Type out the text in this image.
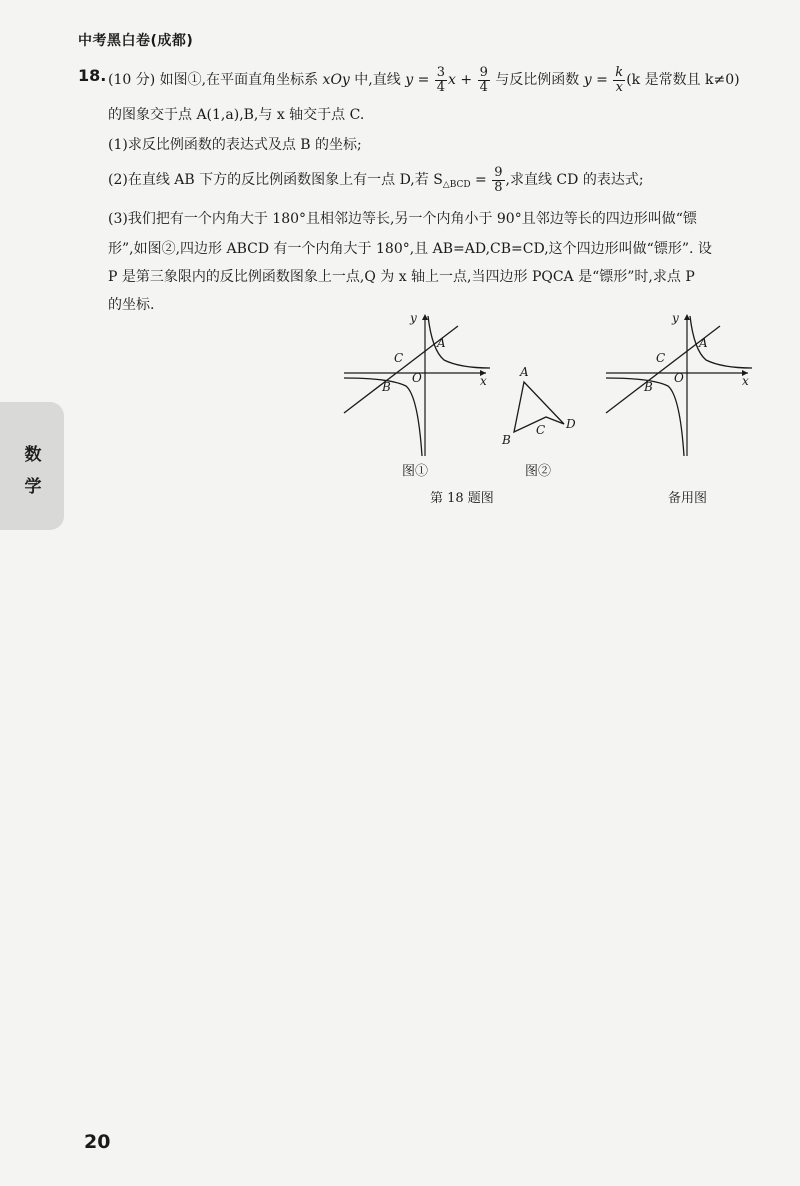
中考黑白卷(成都)
18. (10 分) 如图①,在平面直角坐标系 xOy 中,直线 $y = \frac{3}{4}$ $x + \frac{9}{4}$ 与反比例函数 $y = \frac{k}{x} (k$ 是常数且 k≠0)
的图象交于点 A(1,a),B,与 x 轴交于点 C.
(1)求反比例函数的表达式及点 B 的坐标;
(2)在直线 AB 下方的反比例函数图象上有一点 D,若 $S_{\triangle BCD} = \frac{9}{8}$ ,求直线 CD 的表达式;
(3)我们把有一个内角大于 180°且相邻边等长,另一个内角小于 90°且邻边等长的四边形叫做“镖
形”,如图②,四边形 ABCD 有一个内角大于 180°,且 AB=AD,CB=CD,这个四边形叫做“镖形”. 设
P 是第三象限内的反比例函数图象上一点,Q 为 x 轴上一点,当四边形 PQCA 是“镖形”时,求点 P
的坐标.
y
x
A
B
C
O
图①
A
B
C D
图②
第 18 题图
y
x
A
B
C
O
备用图
数
学
20
